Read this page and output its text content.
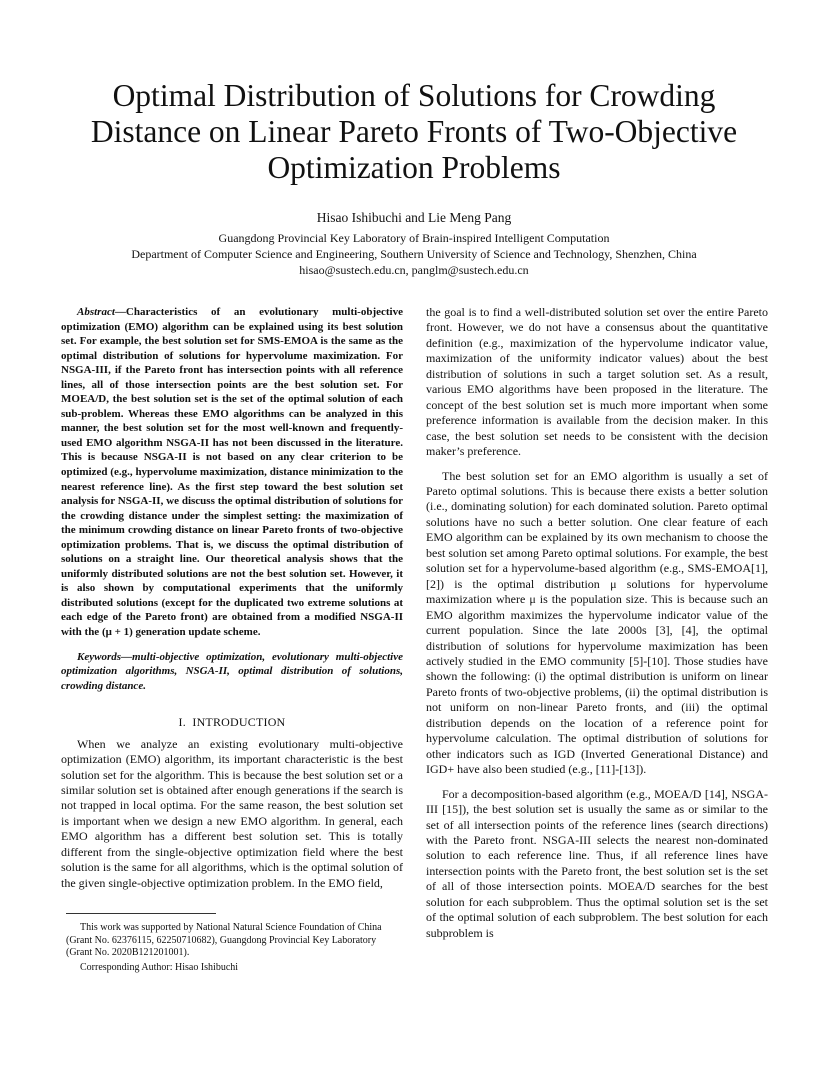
Optimal Distribution of Solutions for Crowding Distance on Linear Pareto Fronts of Two-Objective Optimization Problems
Hisao Ishibuchi and Lie Meng Pang
Guangdong Provincial Key Laboratory of Brain-inspired Intelligent Computation
Department of Computer Science and Engineering, Southern University of Science and Technology, Shenzhen, China
hisao@sustech.edu.cn, panglm@sustech.edu.cn

Abstract—Characteristics of an evolutionary multi-objective optimization (EMO) algorithm can be explained using its best solution set. For example, the best solution set for SMS-EMOA is the same as the optimal distribution of solutions for hypervolume maximization. For NSGA-III, if the Pareto front has intersection points with all reference lines, all of those intersection points are the best solution set. For MOEA/D, the best solution set is the set of the optimal solution of each sub-problem. Whereas these EMO algorithms can be analyzed in this manner, the best solution set for the most well-known and frequently-used EMO algorithm NSGA-II has not been discussed in the literature. This is because NSGA-II is not based on any clear criterion to be optimized (e.g., hypervolume maximization, distance minimization to the nearest reference line). As the first step toward the best solution set analysis for NSGA-II, we discuss the optimal distribution of solutions for the crowding distance under the simplest setting: the maximization of the minimum crowding distance on linear Pareto fronts of two-objective optimization problems. That is, we discuss the optimal distribution of solutions on a straight line. Our theoretical analysis shows that the uniformly distributed solutions are not the best solution set. However, it is also shown by computational experiments that the uniformly distributed solutions (except for the duplicated two extreme solutions at each edge of the Pareto front) are obtained from a modified NSGA-II with the (μ + 1) generation update scheme.

Keywords—multi-objective optimization, evolutionary multi-objective optimization algorithms, NSGA-II, optimal distribution of solutions, crowding distance.

I. INTRODUCTION

When we analyze an existing evolutionary multi-objective optimization (EMO) algorithm, its important characteristic is the best solution set for the algorithm. This is because the best solution set or a similar solution set is obtained after enough generations if the search is not trapped in local optima. For the same reason, the best solution set is important when we design a new EMO algorithm. In general, each EMO algorithm has a different best solution set. This is totally different from the single-objective optimization field where the best solution is the same for all algorithms, which is the optimal solution of the given single-objective optimization problem. In the EMO field,

the goal is to find a well-distributed solution set over the entire Pareto front. However, we do not have a consensus about the quantitative definition (e.g., maximization of the hypervolume indicator value, maximization of the uniformity indicator values) about the best distribution of solutions in such a target solution set. As a result, various EMO algorithms have been proposed in the literature. The concept of the best solution set is much more important when some preference information is available from the decision maker. In this case, the best solution set needs to be consistent with the decision maker’s preference.

The best solution set for an EMO algorithm is usually a set of Pareto optimal solutions. This is because there exists a better solution (i.e., dominating solution) for each dominated solution. Pareto optimal solutions have no such a better solution. One clear feature of each EMO algorithm can be explained by its own mechanism to choose the best solution set among Pareto optimal solutions. For example, the best solution set for a hypervolume-based algorithm (e.g., SMS-EMOA[1], [2]) is the optimal distribution μ solutions for hypervolume maximization where μ is the population size. This is because such an EMO algorithm maximizes the hypervolume indicator value of the current population. Since the late 2000s [3], [4], the optimal distribution of solutions for hypervolume maximization has been actively studied in the EMO community [5]-[10]. Those studies have shown the following: (i) the optimal distribution is uniform on linear Pareto fronts of two-objective problems, (ii) the optimal distribution is not uniform on non-linear Pareto fronts, and (iii) the optimal distribution depends on the location of a reference point for hypervolume calculation. The optimal distribution of solutions for other indicators such as IGD (Inverted Generational Distance) and IGD+ have also been studied (e.g., [11]-[13]).

For a decomposition-based algorithm (e.g., MOEA/D [14], NSGA-III [15]), the best solution set is usually the same as or similar to the set of all intersection points of the reference lines (search directions) with the Pareto front. NSGA-III selects the nearest non-dominated solution to each reference line. Thus, if all reference lines have intersection points with the Pareto front, the best solution set is the set of all of those intersection points. MOEA/D searches for the best solution for each subproblem. Thus the optimal solution set is the set of the optimal solution of each subproblem. The best solution for each subproblem is

This work was supported by National Natural Science Foundation of China (Grant No. 62376115, 62250710682), Guangdong Provincial Key Laboratory (Grant No. 2020B121201001).

Corresponding Author: Hisao Ishibuchi
